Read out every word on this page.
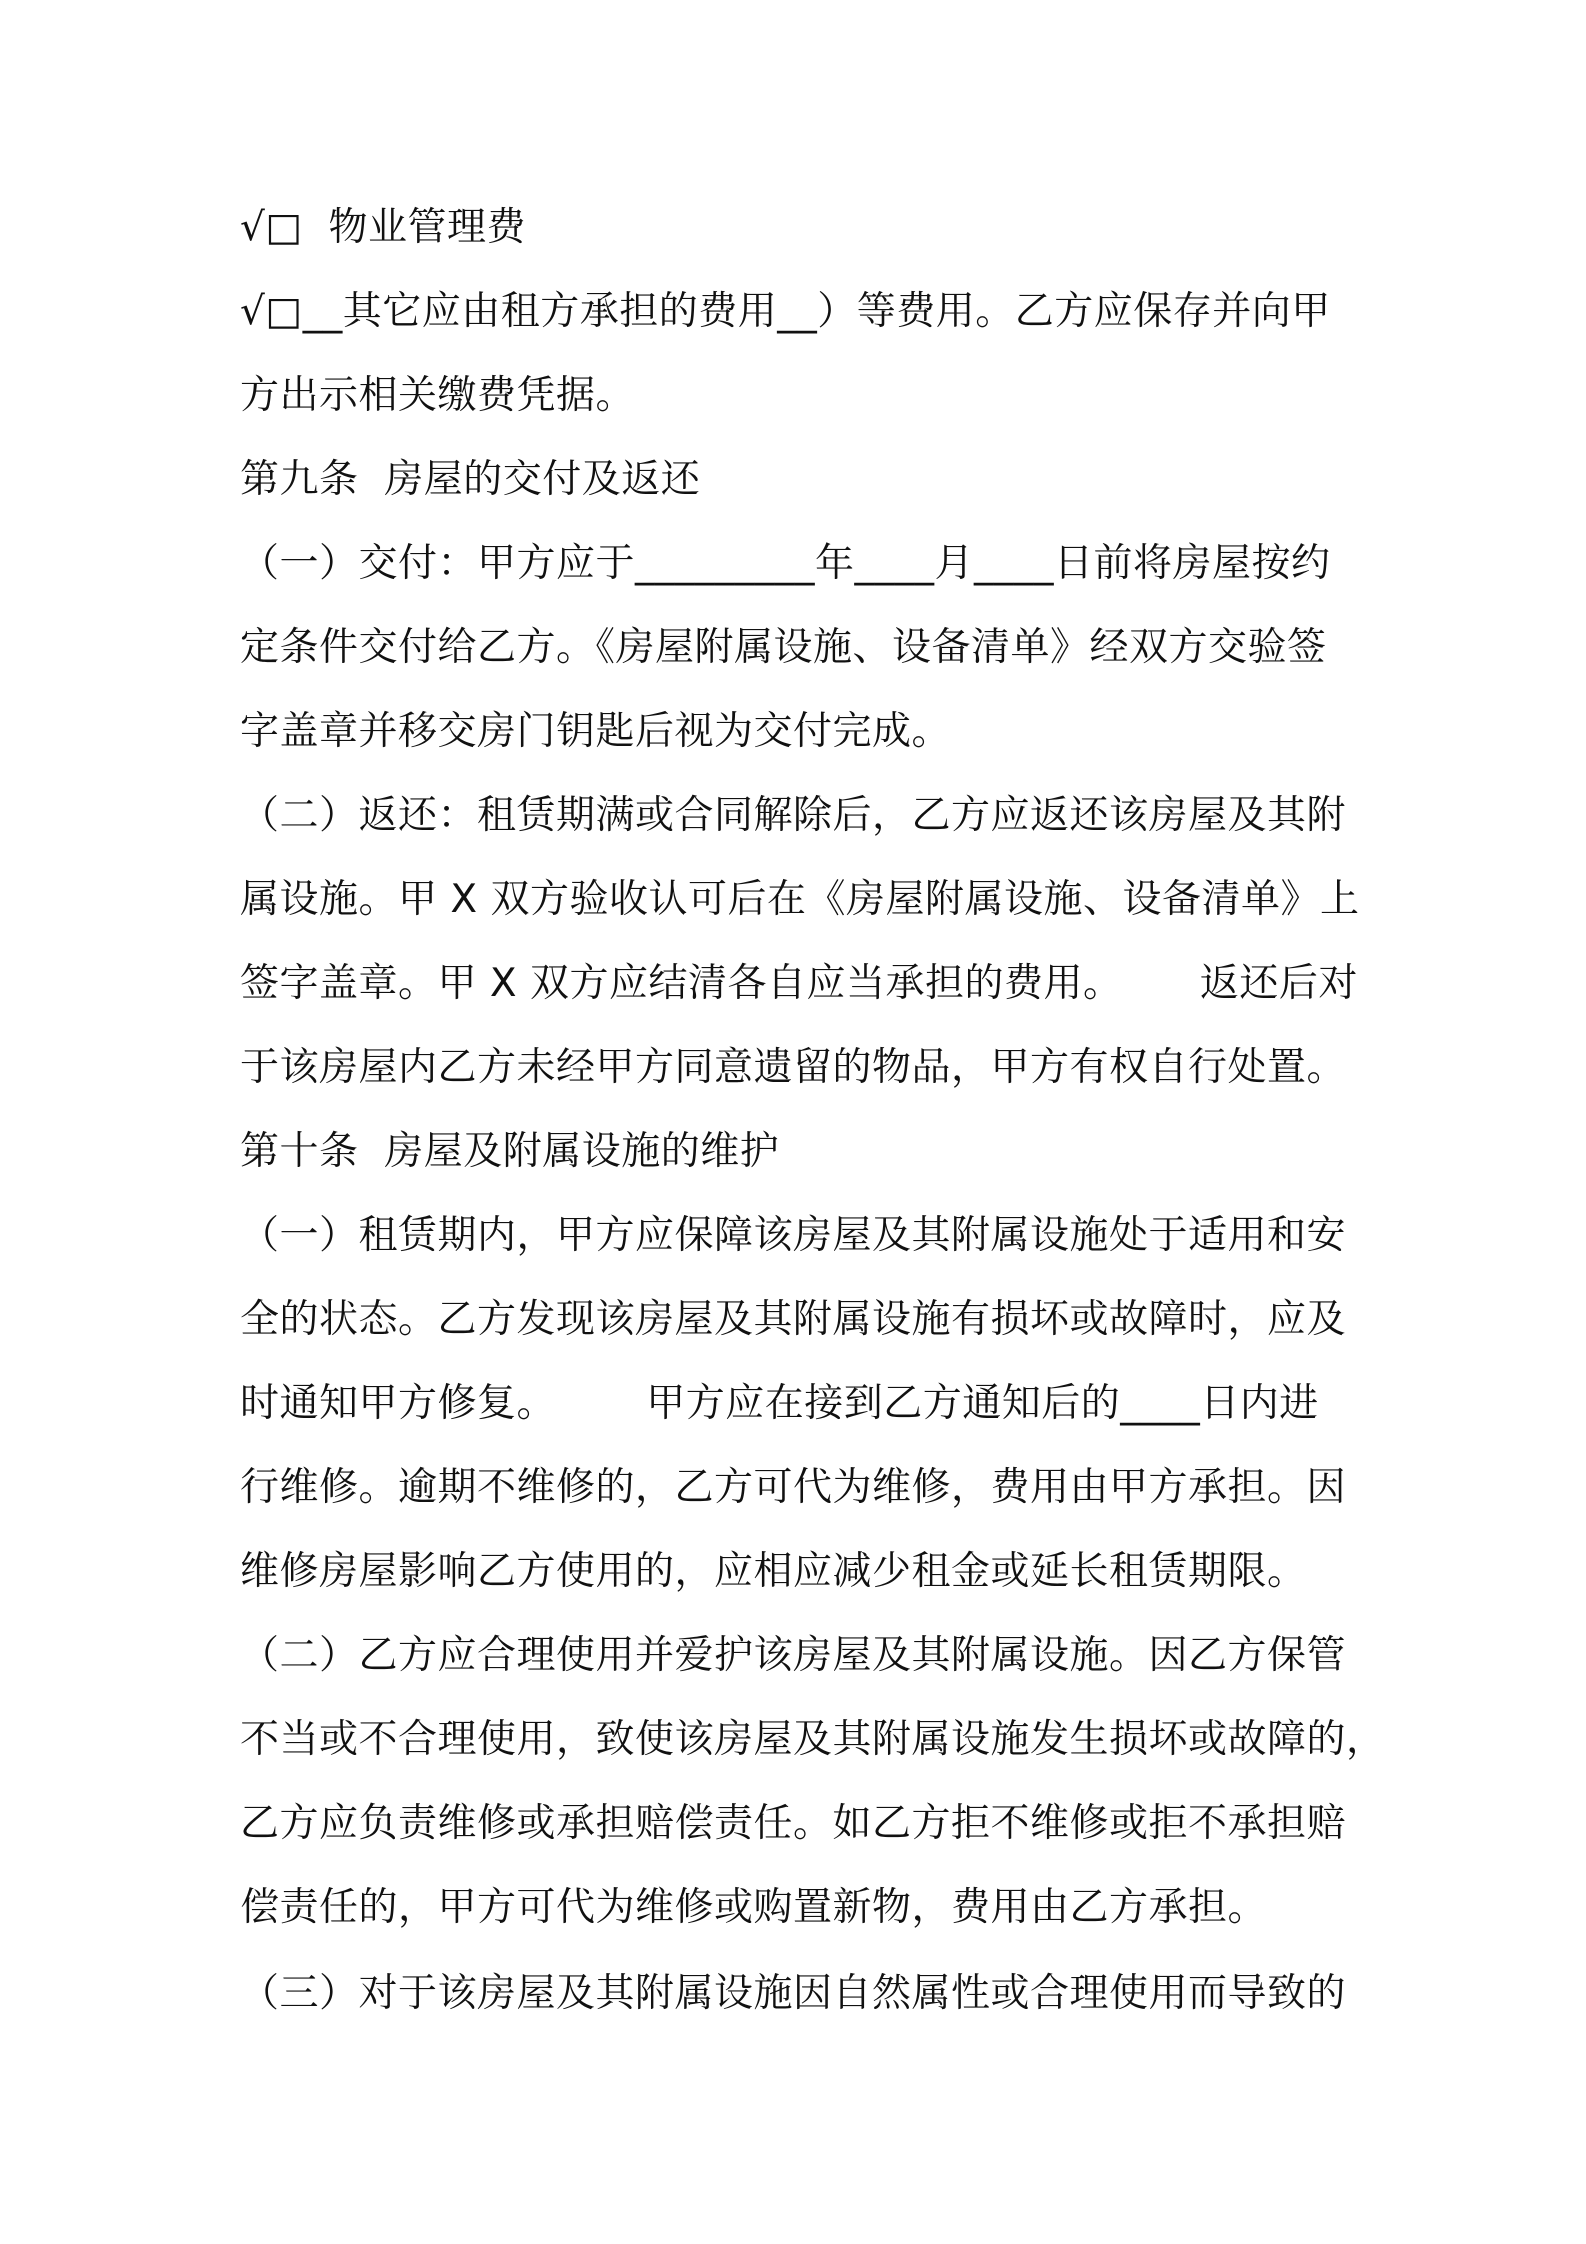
√□  物业管理费
√□__其它应由租方承担的费用__）等费用。乙方应保存并向甲
方出示相关缴费凭据。
第九条  房屋的交付及返还
（一）交付：甲方应于_________年____月____日前将房屋按约
定条件交付给乙方。《房屋附属设施、设备清单》经双方交验签
字盖章并移交房门钥匙后视为交付完成。
（二）返还：租赁期满或合同解除后，乙方应返还该房屋及其附
属设施。甲 X 双方验收认可后在《房屋附属设施、设备清单》上
签字盖章。甲 X 双方应结清各自应当承担的费用。      返还后对
于该房屋内乙方未经甲方同意遗留的物品，甲方有权自行处置。
第十条  房屋及附属设施的维护
（一）租赁期内，甲方应保障该房屋及其附属设施处于适用和安
全的状态。乙方发现该房屋及其附属设施有损坏或故障时，应及
时通知甲方修复。       甲方应在接到乙方通知后的____日内进
行维修。逾期不维修的，乙方可代为维修，费用由甲方承担。因
维修房屋影响乙方使用的，应相应减少租金或延长租赁期限。
（二）乙方应合理使用并爱护该房屋及其附属设施。因乙方保管
不当或不合理使用，致使该房屋及其附属设施发生损坏或故障的，
乙方应负责维修或承担赔偿责任。如乙方拒不维修或拒不承担赔
偿责任的，甲方可代为维修或购置新物，费用由乙方承担。
（三）对于该房屋及其附属设施因自然属性或合理使用而导致的
